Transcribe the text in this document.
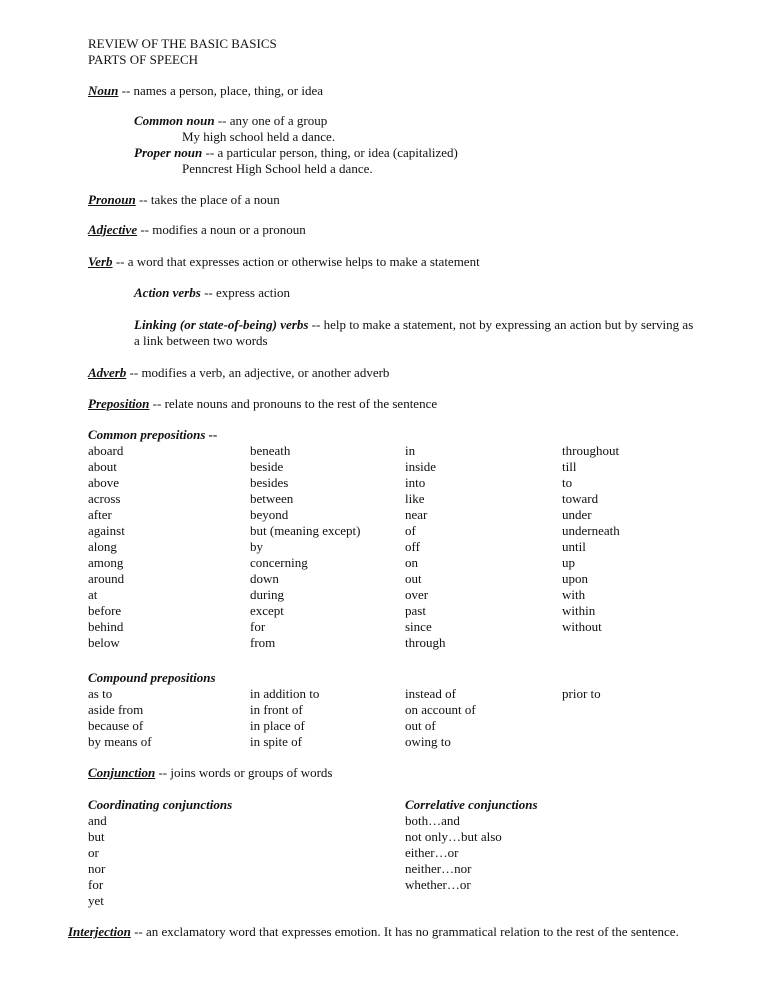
REVIEW OF THE BASIC BASICS
PARTS OF SPEECH
Noun -- names a person, place, thing, or idea
Common noun -- any one of a group
My high school held a dance.
Proper noun -- a particular person, thing, or idea (capitalized)
Penncrest High School held a dance.
Pronoun -- takes the place of a noun
Adjective -- modifies a noun or a pronoun
Verb -- a word that expresses action or otherwise helps to make a statement
Action verbs -- express action
Linking (or state-of-being) verbs -- help to make a statement, not by expressing an action but by serving as
a link between two words
Adverb -- modifies a verb, an adjective, or another adverb
Preposition -- relate nouns and pronouns to the rest of the sentence
Common prepositions --
aboard
about
above
across
after
against
along
among
around
at
before
behind
below
beneath
beside
besides
between
beyond
but (meaning except)
by
concerning
down
during
except
for
from
in
inside
into
like
near
of
off
on
out
over
past
since
through
throughout
till
to
toward
under
underneath
until
up
upon
with
within
without
Compound prepositions
as to
aside from
because of
by means of
in addition to
in front of
in place of
in spite of
instead of
on account of
out of
owing to
prior to
Conjunction -- joins words or groups of words
Coordinating conjunctions	Correlative conjunctions
and
but
or
nor
for
yet
both…and
not only…but also
either…or
neither…nor
whether…or
Interjection -- an exclamatory word that expresses emotion. It has no grammatical relation to the rest of the sentence.
